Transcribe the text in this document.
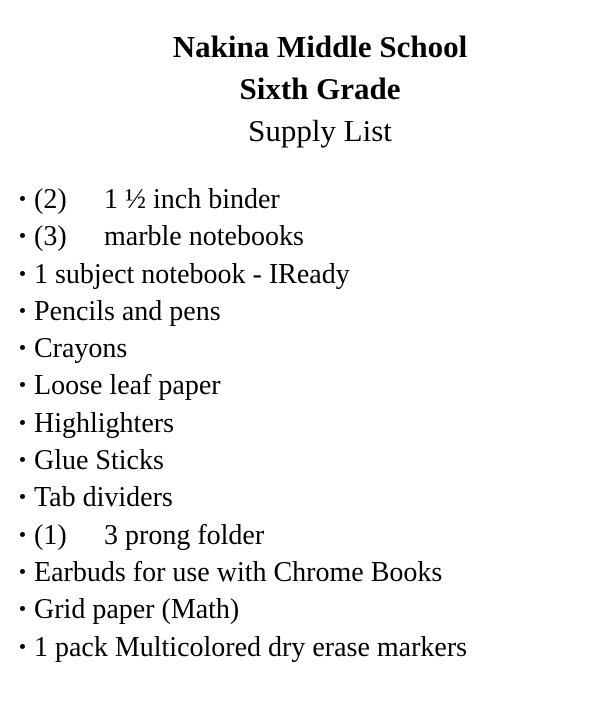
Nakina Middle School
Sixth Grade
Supply List
(2)	1 ½ inch binder
(3)	marble notebooks
1 subject notebook - IReady
Pencils and pens
Crayons
Loose leaf paper
Highlighters
Glue Sticks
Tab dividers
(1)	3 prong folder
Earbuds for use with Chrome Books
Grid paper (Math)
1 pack Multicolored dry erase markers
